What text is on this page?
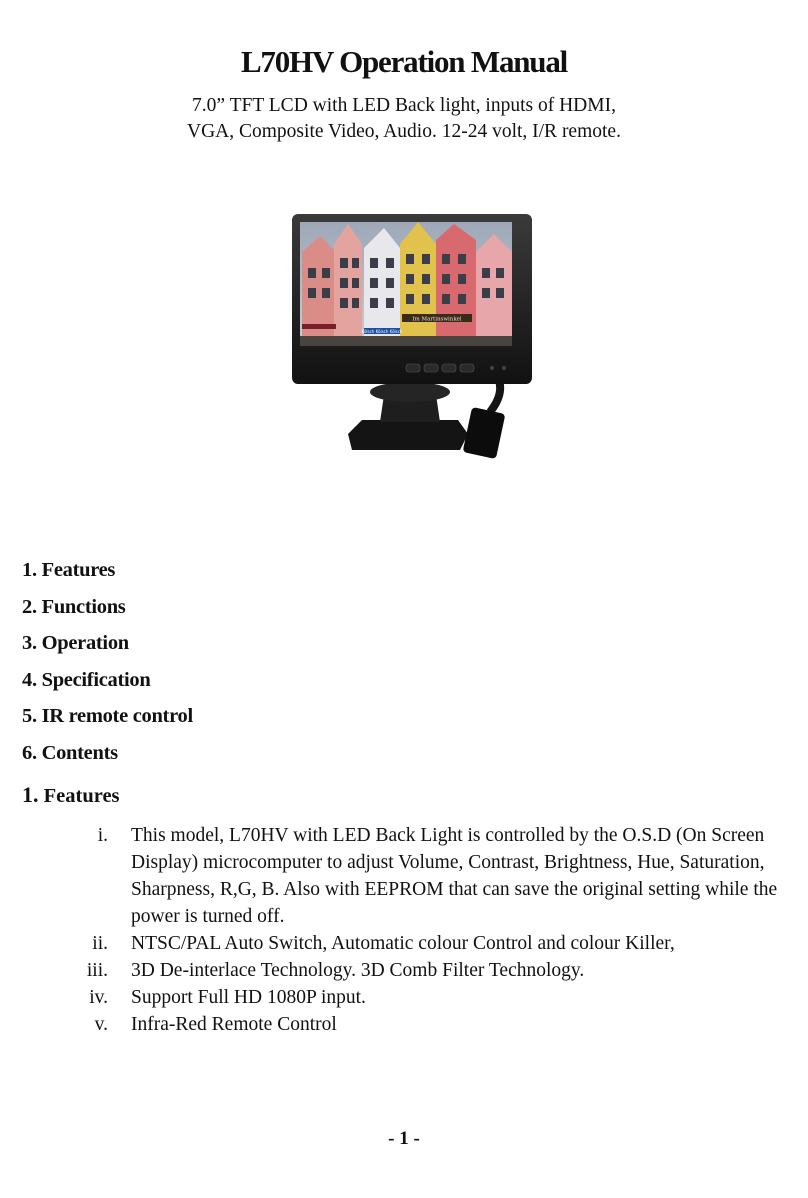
L70HV Operation Manual

7.0” TFT LCD with LED Back light, inputs of HDMI,

VGA, Composite Video, Audio. 12-24 volt, I/R remote.

Kölsch Kölsch Kölsch
Im Martinswinkel
1. Features
2. Functions
3. Operation
4. Specification
5. IR remote control
6. Contents
1. Features
i. This model, L70HV with LED Back Light is controlled by the O.S.D (On Screen Display) microcomputer to adjust Volume, Contrast, Brightness, Hue, Saturation, Sharpness, R,G, B. Also with EEPROM that can save the original setting while the power is turned off.
ii. NTSC/PAL Auto Switch, Automatic colour Control and colour Killer,
iii. 3D De-interlace Technology. 3D Comb Filter Technology.
iv. Support Full HD 1080P input.
v. Infra-Red Remote Control
- 1 -
